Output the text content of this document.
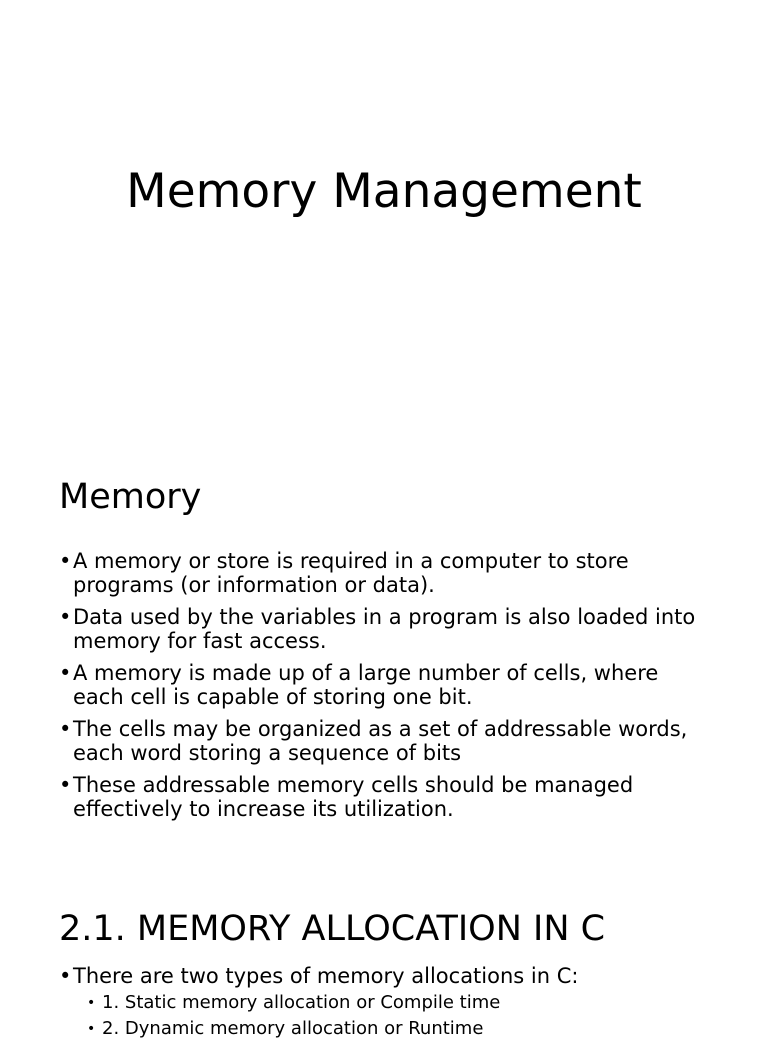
Memory Management
Memory
• A memory or store is required in a computer to store programs (or information or data).
• Data used by the variables in a program is also loaded into memory for fast access.
• A memory is made up of a large number of cells, where each cell is capable of storing one bit.
• The cells may be organized as a set of addressable words, each word storing a sequence of bits
• These addressable memory cells should be managed effectively to increase its utilization.
2.1. MEMORY ALLOCATION IN C
• There are two types of memory allocations in C:
• 1. Static memory allocation or Compile time
• 2. Dynamic memory allocation or Runtime
